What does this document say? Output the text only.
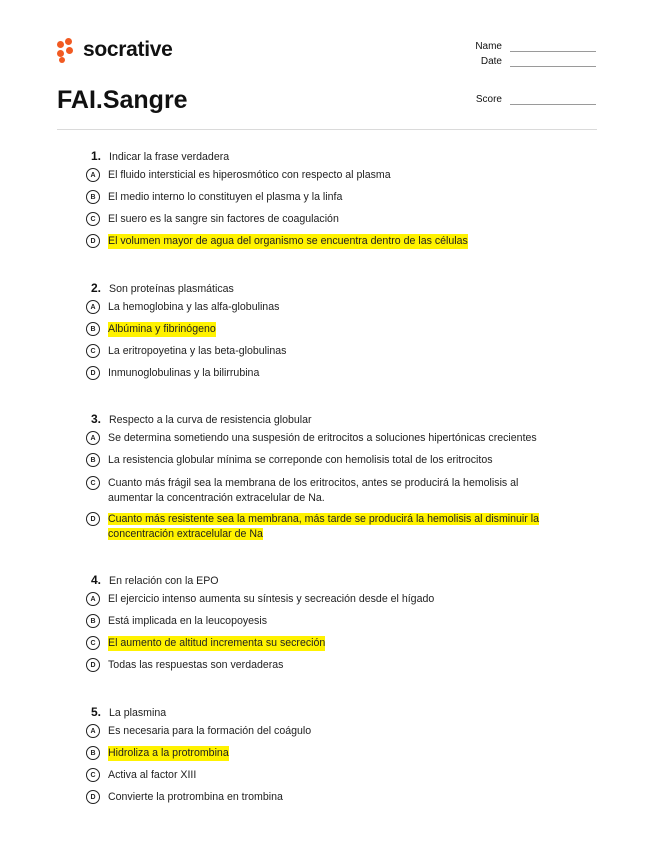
socrative
FAI.Sangre
Name
Date
Score
1. Indicar la frase verdadera
A	El fluido intersticial es hiperosmótico con respecto al plasma
B	El medio interno lo constituyen el plasma y la linfa
C	El suero es la sangre sin factores de coagulación
D	El volumen mayor de agua del organismo se encuentra dentro de las células
2. Son proteínas plasmáticas
A	La hemoglobina y las alfa-globulinas
B	Albúmina y fibrinógeno
C	La eritropoyetina y las beta-globulinas
D	Inmunoglobulinas y la bilirrubina
3. Respecto a la curva de resistencia globular
A	Se determina sometiendo una suspesión de eritrocitos a soluciones hipertónicas crecientes
B	La resistencia globular mínima se correponde con hemolisis total de los eritrocitos
C	Cuanto más frágil sea la membrana de los eritrocitos, antes se producirá la hemolisis al
aumentar la concentración extracelular de Na.
D	Cuanto más resistente sea la membrana, más tarde se producirá la hemolisis al disminuir la
concentración extracelular de Na
4. En relación con la EPO
A	El ejercicio intenso aumenta su síntesis y secreación desde el hígado
B	Está implicada en la leucopoyesis
C	El aumento de altitud incrementa su secreción
D	Todas las respuestas son verdaderas
5. La plasmina
A	Es necesaria para la formación del coágulo
B	Hidroliza a la protrombina
C	Activa al factor XIII
D	Convierte la protrombina en trombina
